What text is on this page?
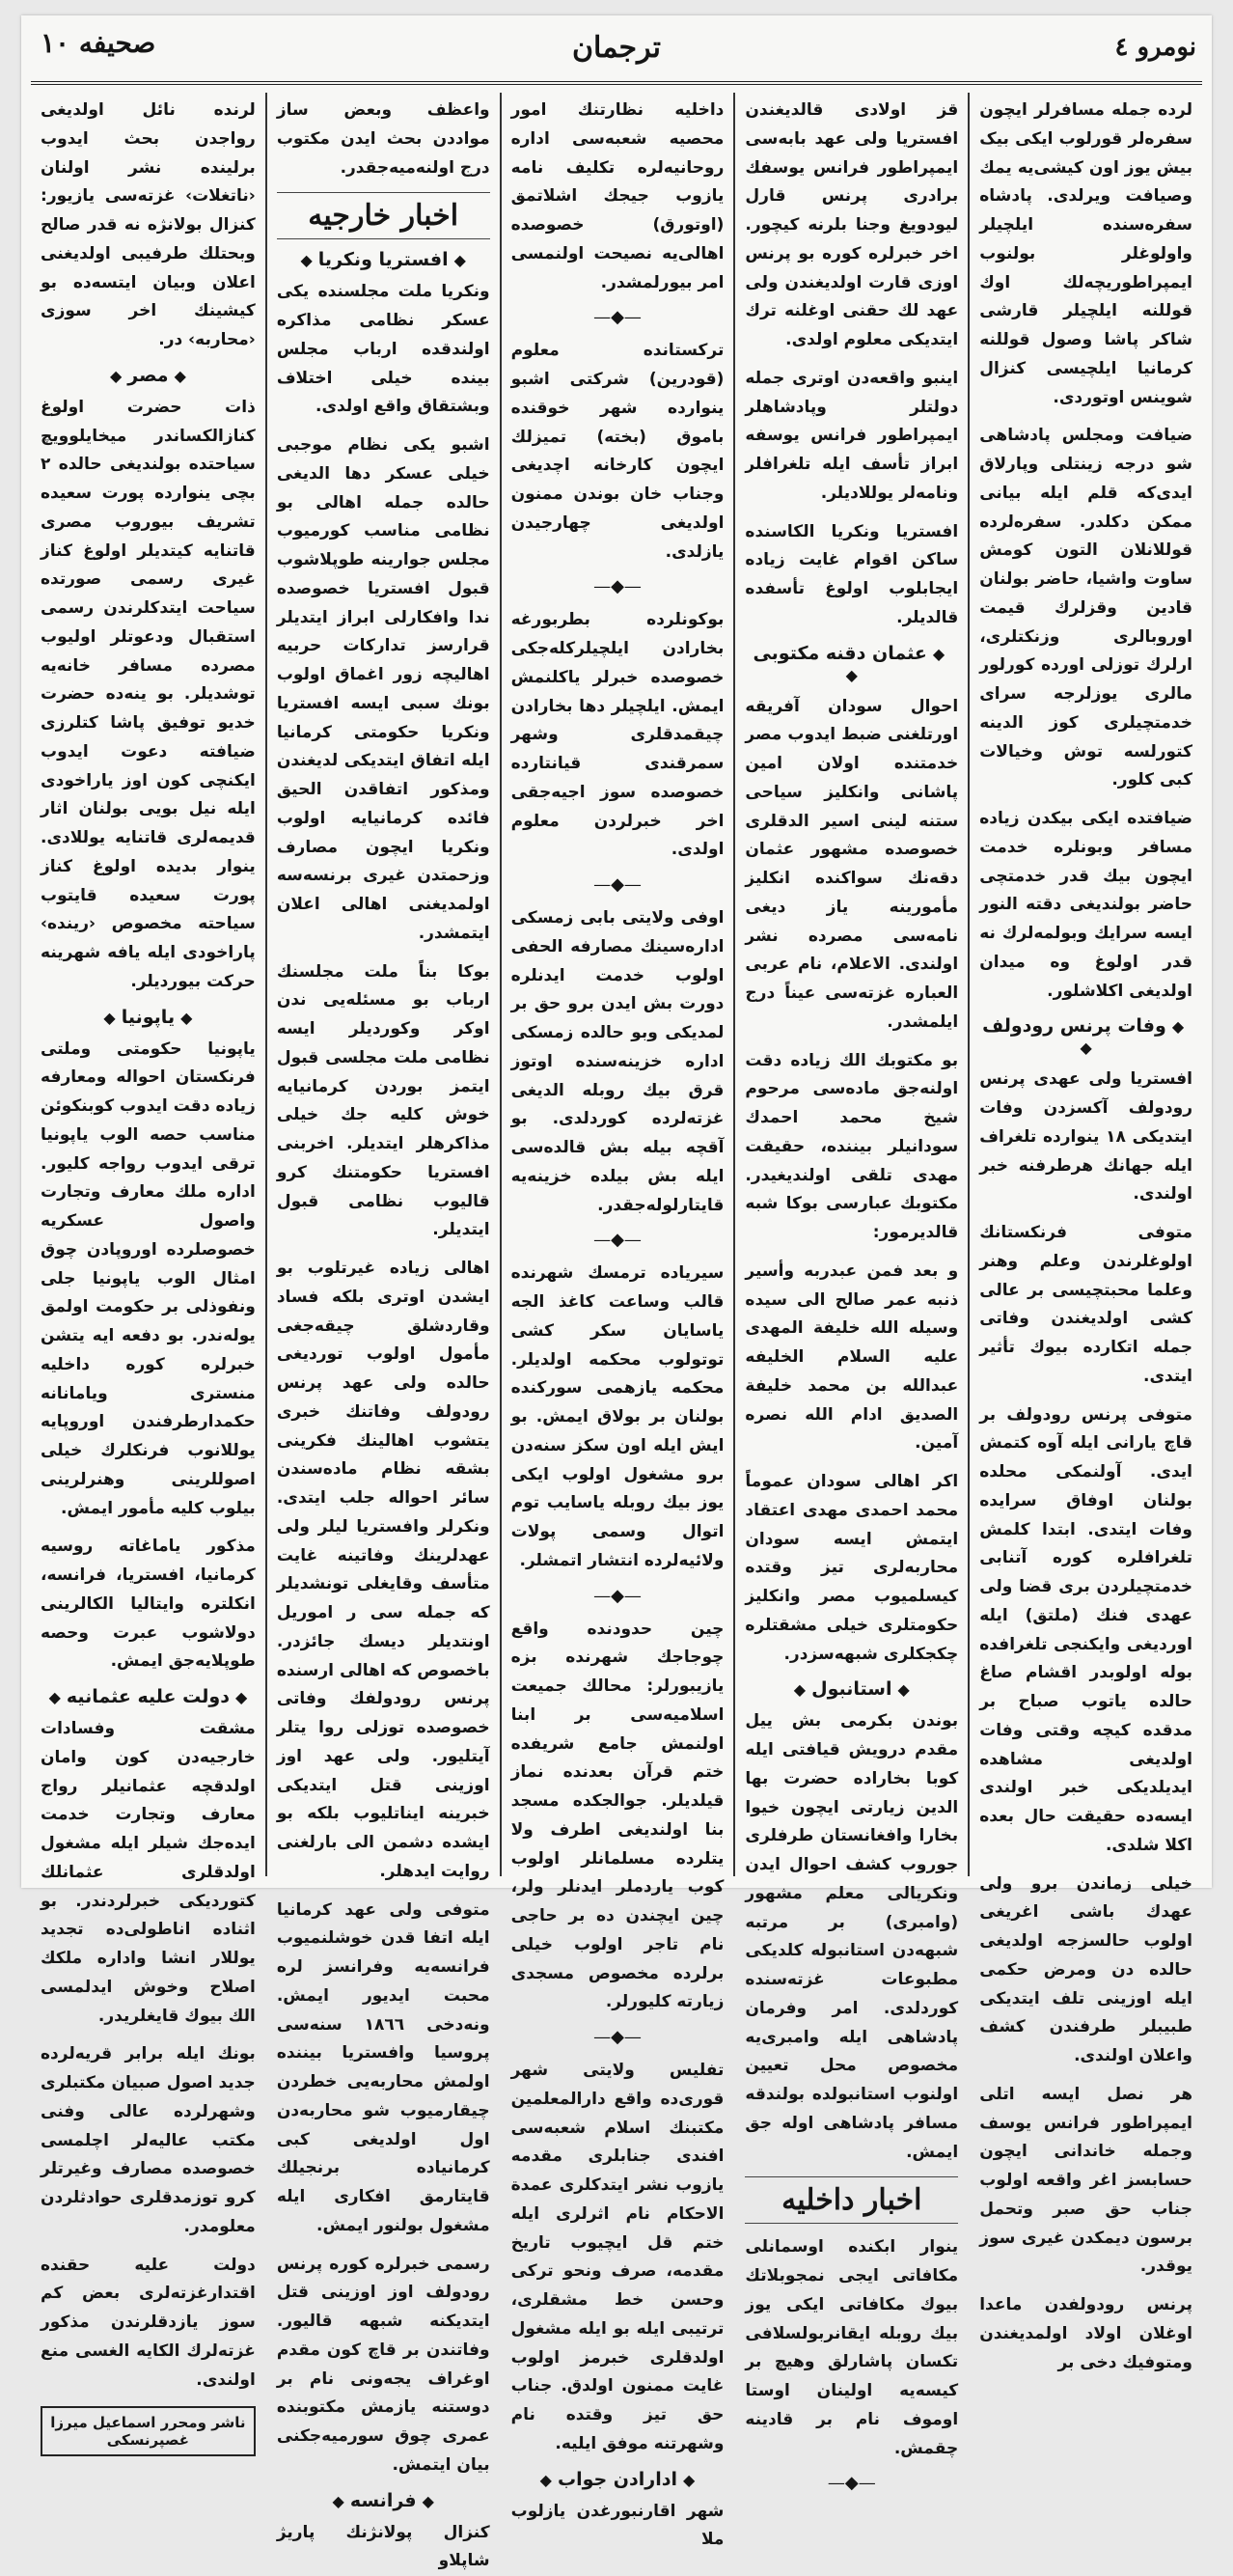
نومرو ٤
ترجمان
صحيفه ١٠

لرده جمله مسافرلر ایچون سفره‌لر قورلوب ایکی بیک بیش یوز اون کیشی‌یه یمك وصیافت ویرلدی. پادشاه سفره‌سنده ایلچیلر واولوغلر بولنوب ایمپراطوریچه‌لك اوك قوللنه ایلچیلر قارشی شاکر پاشا وصول قوللنه کرمانیا ایلچیسی کنزال شوینس اوتوردی.

ضیافت ومجلس پادشاهی شو درجه زینتلی وپارلاق ایدی‌که قلم ایله بیانی ممکن دکلدر. سفره‌لرده قوللانلان التون کومش ساوت واشیا، حاضر بولنان قادین وقزلرك قیمت اوروبالری وزنکتلری، ارلرك توزلی اورده کورلور مالری یوزلرجه سرای خدمتچیلری کوز الدینه کتورلسه توش وخیالات کبی کلور.

ضیافتده ایکی بیکدن زیاده مسافر وبونلره خدمت ایچون بیك قدر خدمتچی حاضر بولندیغی دقته النور ایسه سرایك وبولمه‌لرك نه قدر اولوغ وه میدان اولدیغی اکلاشلور.

◆وفات پرنس رودولف◆

افستریا ولی عهدی پرنس رودولف آکسزدن وفات ایتدیکی ١٨ ینوارده تلغراف ایله جهانك هرطرفنه خبر اولندی.

متوفی فرنکستانك اولوغلرندن وعلم وهنر وعلما محبتچیسی بر عالی کشی اولدیغندن وفاتی جمله اتکارده بیوك تأثیر ایتدی.

متوفی پرنس رودولف بر قاچ یارانی ایله آوه کتمش ایدی. آولنمکی محلده بولنان اوفاق سرایده وفات ایتدی. ابتدا کلمش تلغرافلره کوره آتنابی خدمتچیلردن بری قضا ولی عهدی فنك (ملتق) ایله اوردیغی وایکنجی تلغرافده بوله اولوبدر اقشام صاغ حالده یاتوب صباح بر مدقده کیچه‌ وقتی وفات اولدیغی مشاهده ایدیلدیکی خبر اولندی ایسه‌ده حقیقت حال بعده اکلا شلدی.

خیلی زماندن برو ولی عهدك باشی اغریغی اولوب حالسزجه اولدیغی حالده دن ومرض حکمی ایله اوزینی تلف ایتدیکی طبیبلر طرفندن کشف واعلان اولندی.

هر نصل ایسه اتلی ایمپراطور فرانس یوسف وجمله خاندانی ایچون حسابسز اغر واقعه اولوب جناب حق صبر وتحمل برسون دیمکدن غیری سوز یوقدر.

پرنس رودولفدن ماعدا اوغلان اولاد اولمدیغندن ومتوفیك دخی بر

قز اولادی قالدیغندن افستریا ولی عهد بابه‌سی ایمپراطور فرانس یوسفك برادری پرنس قارل لیودویغ وجنا بلرنه کیچور. اخر خبرلره کوره بو پرنس اوزی قارت اولدیغندن ولی عهد لك حقنی اوغلنه ترك ایتدیکی معلوم اولدی.

اینبو واقعه‌دن اوتری جمله دولتلر وپادشاهلر ایمپراطور فرانس یوسفه ابراز تأسف ایله تلغرافلر ونامه‌لر یوللادیلر.

افستریا ونکریا الکاسنده ساکن اقوام غایت زیاده ایجابلوب اولوغ تأسفده قالدیلر.

◆عثمان دقنه مکتوبی◆

احوال سودان آفریقه اورتلغنی ضبط ایدوب مصر خدمتنده اولان امین پاشانی وانکلیز سیاحی ستنه لینی اسیر الدقلری خصوصده مشهور عثمان دقه‌نك سواکنده انکلیز مأمورینه یاز دیغی نامه‌سی مصرده نشر اولندی. الاعلام، نام عربی العباره غزته‌سی عیناً درج ایلمشدر.

بو مکتوبك الك زیاده دقت اولنه‌جق ماده‌سی مرحوم شیخ محمد احمدك سودانیلر بیننده، حقیقت مهدی تلقی اولندیغیدر. مکتوبك عبارسی بوکا شبه قالدیرمور:

و بعد فمن عبدربه وأسیر ذنبه عمر صالح الی سیده وسیله الله خلیفة المهدی علیه السلام الخلیفه عبدالله بن محمد خلیفة الصدیق ادام الله نصره آمین.

اکر اهالی سودان عموماً محمد احمدی مهدی اعتقاد ایتمش ایسه سودان محاربه‌لری تیز وقتده کیسلمیوب مصر وانکلیز حکومتلری خیلی مشقتلره چکجکلری شبهه‌سزدر.

◆استانبول◆

بوندن بکرمی بش ییل مقدم درویش قیافتی ایله کوبا بخاراده حضرت بها الدین زیارتی ایچون خیوا بخارا وافغانستان طرفلری جوروب کشف احوال ایدن ونکریالی معلم مشهور (وامبری) بر مرتبه شبهه‌دن استانبوله کلدیکی مطبوعات غزته‌سنده کوردلدی. امر وفرمان پادشاهی ایله وامبری‌یه مخصوص محل تعیین اولنوب استانبولده بولندقه‌ مسافر پادشاهی اوله جق ایمش.

اخبار داخلیه

ینوار ابکنده اوسمانلی مکافاتی ایجی نمجوبلاتك بیوك مکافاتی ایکی یوز بیك روبله ایقانربولسلافی تکسان پاشارلق وهیچ بر کیسه‌یه اولینان اوستا اوموف نام بر قادینه چقمش.

—◆—

داخلیه نظارتنك امور محصیه شعبه‌سی اداره روحانیه‌لره تکلیف نامه یازوب جیجك اشلاتمق (اوتورق) خصوصده اهالی‌یه نصیحت اولنمسی امر بیورلمشدر.

—◆—

ترکستانده معلوم (قودرین) شرکتی اشبو ینوارده شهر خوقنده باموق (بخته) تمیزلك ایچون کارخانه اچدیغی وجناب خان بوندن ممنون اولدیغی چهارجیدن یازلدی.

—◆—

بوکونلرده بطربورغه بخارادن ایلچیلرکله‌جکی خصوصده خبرلر یاکلنمش ایمش. ایلچیلر دها بخارادن چیقمدقلری وشهر سمرقندی قیانتارده خصوصده سوز اجیه‌جقی اخر خبرلردن معلوم اولدی.

—◆—

اوفی ولایتی بابی زمسکی اداره‌سینك مصارفه الحفی اولوب خدمت ایدنلره دورت بش ایدن برو حق بر لمدیکی وبو حالده زمسکی اداره خزینه‌سنده اوتوز قرق بیك روبله ‌الدیغی غزته‌لرده کوردلدی. بو آقچه بیله بش قالده‌سی ایله بش بیلده خزینه‌یه قایتارلوله‌جقدر.

—◆—

سیریاده ترمسك شهرنده قالب وساعت کاغذ الجه یاسایان سکر کشی توتولوب محکمه اولدیلر. محکمه یازهمی سورکنده بولنان بر بولاق ایمش. بو ایش ایله اون سکز سنه‌دن برو مشغول اولوب ایکی یوز بیك روبله یاسایب توم اتوال وسمی پولات ولائیه‌لرده انتشار اتمشلر.

—◆—

چین حدودنده واقع چوجاجك شهرنده بزه یازیبورلر: محالك جمیعت اسلامیه‌سی بر ابنا اولنمش جامع شریفده ختم قرآن بعدنده نماز قیلدیلر. جوالجکده مسجد بنا اولندیغی اطرف ولا یتلرده مسلمانلر اولوب کوب یاردملر ایدنلر ولر، چین ایچندن ده بر حاجی نام تاجر اولوب خیلی برلرده مخصوص مسجدی زیارته کلیورلر.

—◆—

تفلیس ولایتی شهر قوری‌ده واقع دارالمعلمین مکتبنك اسلام شعبه‌سی افندی جنابلری مقدمه یازوب نشر ایتدکلری عمدة الاحکام نام اثرلری ایله ختم قل ایچیوب تاریخ مقدمه، صرف ونحو ترکی وحسن خط مشقلری، ترتیبی ایله بو ایله مشغول اولدقلری خبرمز اولوب غایت ممنون اولدق. جناب حق تیز وقتده نام وشهرتنه موفق ایلیه.

◆ادارادن جواب◆

شهر اقارنبورغدن یازلوب ملا

واعظف وبعض ساز مواددن بحث ایدن مکتوب درج اولنه‌میه‌جقدر.

اخبار خارجیه
◆افستریا ونکریا◆

ونکریا ملت مجلسنده یکی عسکر نظامی مذاکره اولندقده ارباب مجلس بینده خیلی اختلاف وبشتقاق واقع اولدی.

اشبو یکی نظام موجبی خیلی عسکر دها الدیغی حالده جمله اهالی بو نظامی مناسب کورمیوب مجلس جوارینه طوپلاشوب قبول افستریا خصوصده ندا وافکارلی ابراز ایتدیلر قرارسز تدارکات حربیه اهالیچه زور اغماق اولوب بونك سبی ایسه افستریا ونکریا حکومتی کرمانیا ایله اتفاق ایتدیکی لدیغندن ومذکور اتفاقدن الحیق فائده کرمانیا‌یه اولوب ونکریا ایچون مصارف وزحمتدن غیری برنسه‌سه اولمدیغنی اهالی اعلان ایتمشدر.

بوکا بناً ملت مجلسنك ارباب بو مسئله‌یی ندن اوکر وکوردیلر ایسه نظامی ملت مجلسی قبول ایتمز بوردن کرمانیایه خوش کلیه جك خیلی مذاکرهلر ایتدیلر. اخربنی افستریا حکومتنك کرو قالیوب نظامی قبول ایتدیلر.

اهالی زیاده غیرتلوب بو ایشدن اوتری بلکه فساد وقاردشلق چیقه‌جغی مأمول اولوب توردیغی حالده ولی عهد پرنس رودولف وفاتنك خبری یتشوب اهالینك فکرینی بشقه نظام ماده‌سندن سائر احواله جلب ایتدی. ونکرلر وافستریا لیلر ولی عهدلرینك وفاتینه غایت متأسف وقایغلی تونشدیلر که جمله سی ر اموریل اونتدیلر دیسك جائزدر. باخصوص که اهالی ارسنده پرنس رودولفك وفاتی خصوصده توزلی روا یتلر آیتلیور. ولی عهد اوز اوزینی قتل ایتدیکی خبرینه ایناتلیوب بلکه بو ایشده دشمن الی بارلغنی روایت ایدهلر.

متوفی ولی عهد کرمانیا ایله اتفا قدن خوشلنمیوب فرانسه‌یه وفرانسز لره محبت ایدیور ایمش. ونه‌دخی ١٨٦٦ سنه‌سی پروسیا وافستریا بیننده اولمش محاربه‌یی خطردن چیقارمیوب شو محاربه‌دن اول اولدیغی کبی کرمانیاده برنجیلك قایتارمق افکاری ایله مشغول بولنور ایمش.

رسمی خبرلره کوره پرنس رودولف اوز اوزینی قتل ایتدیکنه شبهه قالیور. وفاتندن بر قاچ کون مقدم اوغراف یجه‌ونی نام بر دوستنه یازمش مکتوبنده عمری چوق سورمیه‌جکنی بیان ایتمش.

◆فرانسه◆

کنزال پولانژنك پاریژ شاپلاو

لرنده نائل اولدیغی رواجدن بحث ایدوب برلینده نشر اولنان ‹ناتغلات› غزته‌سی یازیور: کنزال بولانژه نه قدر صالح وبحتلك طرفیبی اولدیغنی اعلان وبیان ایتسه‌ده بو کیشینك اخر سوزی ‹محاربه› در.

◆مصر◆

ذات حضرت اولوغ کنازالکساندر میخایلوویچ سیاحتده بولندیغی حالده ٢ بچی ینوارده پورت سعیده تشریف بیوروب مصری قاتنایه کیتدیلر اولوغ کناز غیری رسمی صورتده سیاحت ایتدکلرندن رسمی استقبال ودعوتلر اولیوب مصرده مسافر خانه‌یه توشدیلر. بو ینه‌ده حضرت خدیو توفیق پاشا کتلرزی ضیافته دعوت ایدوب ایکنچی کون اوز یاراخودی ایله نیل بویی بولنان اثار قدیمه‌لری قاتنایه یوللادی. ینوار بدیده اولوغ کناز پورت سعیده قایتوب سیاحته مخصوص ‹رینده› پاراخودی ایله یافه شهرینه حرکت بیوردیلر.

◆یاپونیا◆

یاپونیا حکومتی وملتی فرنکستان احواله ومعارفه زیاده دقت ایدوب کوبنکوئن مناسب حصه الوب یاپونیا ترقی ایدوب رواجه کلیور. اداره ملك معارف وتجارت واصول عسکریه خصوصلرده اوروپادن چوق امثال الوب یاپونیا‌ جلی ونفوذلی بر حکومت اولمق یوله‌ندر. بو دفعه ایه یتشن خبرلره کوره داخلیه منستری ویامانانه حکمدارطرفندن اوروپایه یوللانوب فرنکلرك خیلی اصوللرینی وهنرلرینی بیلوب کلیه‌ مأمور ایمش.

مذکور یاماغاته روسیه کرمانیا، افستریا، فرانسه، انکلتره وایتالیا الکالرینی دولاشوب عبرت وحصه طوپلایه‌جق ایمش.

◆دولت علیه عثمانیه◆

مشقت وفسادات خارجیه‌دن کون وامان اولدقچه عثمانیلر رواج معارف وتجارت خدمت ایده‌جك شیلر ایله مشغول اولدقلری عثمانلك کتوردیکی خبرلردندر. بو اثناده اناطولی‌ده تجدید یوللار انشا واداره ملکك اصلاح وخوش ایدلمسی الك بیوك قایغلریدر.

بونك ایله برابر قریه‌لرده جدید اصول صبیان مکتبلری وشهرلرده عالی وفنی مکتب عالیه‌لر اچلمسی خصوصده مصارف وغیرتلر کرو توزمدقلری حوادثلردن معلومدر.

دولت علیه حقنده اقتدارغزته‌لری بعض کم سوز یازدقلرندن مذکور غزته‌لرك الکایه الغسی منع اولندی.

ناشر ومحرر اسماعیل میرزا غصپرنسکی
